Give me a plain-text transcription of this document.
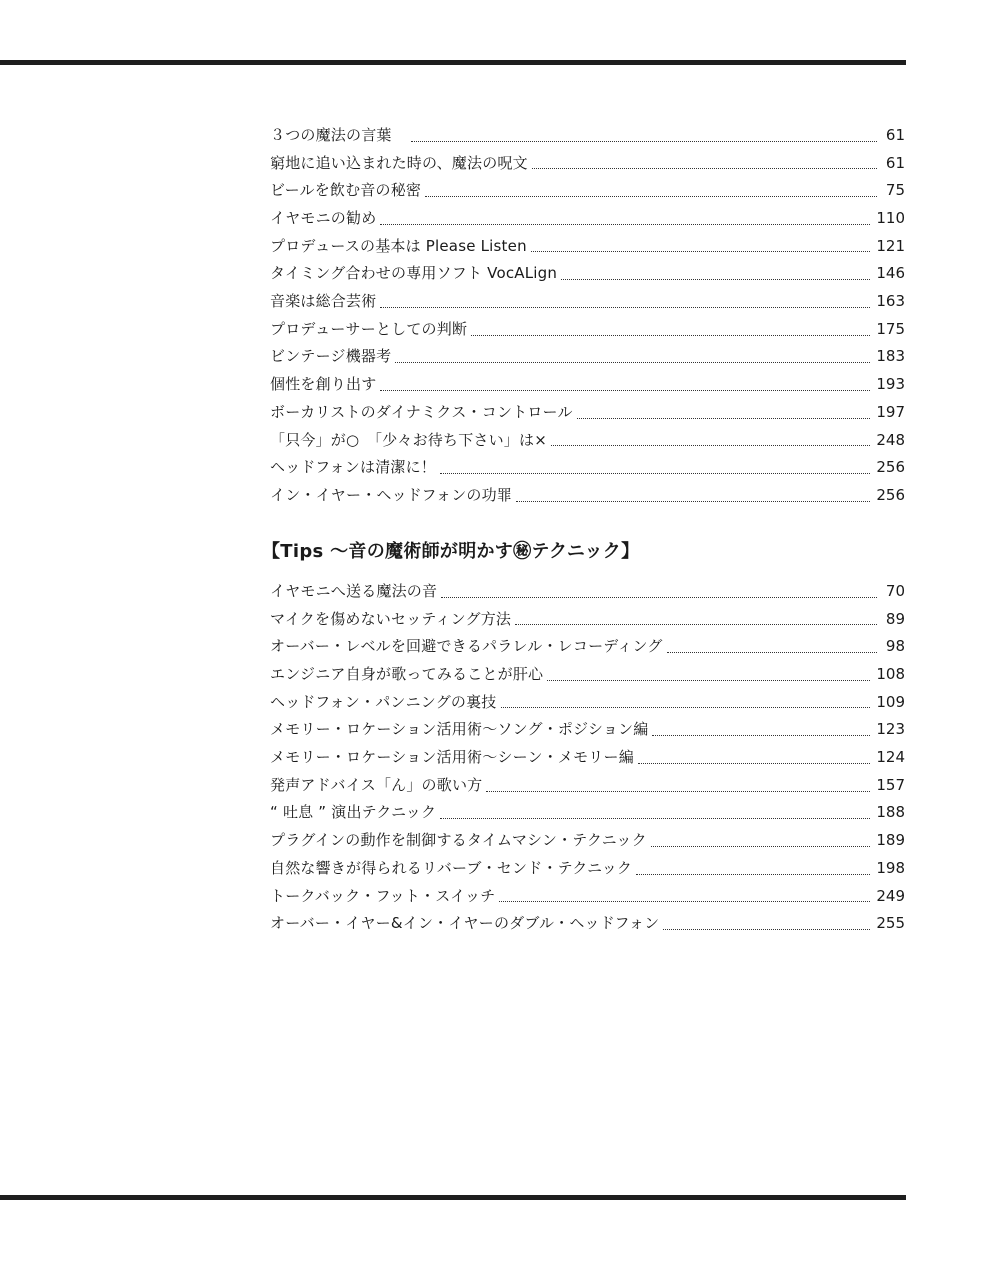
３つの魔法の言葉　	61
窮地に追い込まれた時の、魔法の呪文	61
ビールを飲む音の秘密	75
イヤモニの勧め	110
プロデュースの基本は Please Listen	121
タイミング合わせの専用ソフト VocALign	146
音楽は総合芸術	163
プロデューサーとしての判断	175
ビンテージ機器考	183
個性を創り出す	193
ボーカリストのダイナミクス・コントロール	197
「只今」が○　「少々お待ち下さい」は×	248
ヘッドフォンは清潔に！	256
イン・イヤー・ヘッドフォンの功罪	256
【Tips ～音の魔術師が明かす㊙テクニック】
イヤモニへ送る魔法の音	70
マイクを傷めないセッティング方法	89
オーバー・レベルを回避できるパラレル・レコーディング	98
エンジニア自身が歌ってみることが肝心	108
ヘッドフォン・パンニングの裏技	109
メモリー・ロケーション活用術～ソング・ポジション編	123
メモリー・ロケーション活用術～シーン・メモリー編	124
発声アドバイス「ん」の歌い方	157
“ 吐息 ” 演出テクニック	188
プラグインの動作を制御するタイムマシン・テクニック	189
自然な響きが得られるリバーブ・センド・テクニック	198
トークバック・フット・スイッチ	249
オーバー・イヤー&イン・イヤーのダブル・ヘッドフォン	255
